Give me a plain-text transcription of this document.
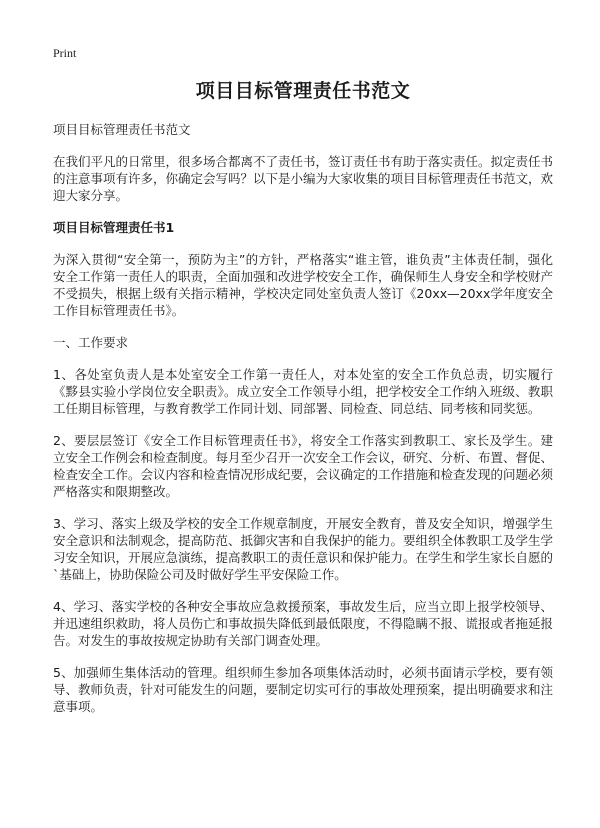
Print
项目目标管理责任书范文
项目目标管理责任书范文

在我们平凡的日常里，很多场合都离不了责任书，签订责任书有助于落实责任。拟定责任书的注意事项有许多，你确定会写吗？以下是小编为大家收集的项目目标管理责任书范文，欢迎大家分享。

项目目标管理责任书1

为深入贯彻“安全第一，预防为主”的方针，严格落实“谁主管，谁负责”主体责任制，强化安全工作第一责任人的职责，全面加强和改进学校安全工作，确保师生人身安全和学校财产不受损失，根据上级有关指示精神，学校决定同处室负责人签订《20xx—20xx学年度安全工作目标管理责任书》。

一、工作要求

1、各处室负责人是本处室安全工作第一责任人，对本处室的安全工作负总责，切实履行《黟县实验小学岗位安全职责》。成立安全工作领导小组，把学校安全工作纳入班级、教职工任期目标管理，与教育教学工作同计划、同部署、同检查、同总结、同考核和同奖惩。

2、要层层签订《安全工作目标管理责任书》，将安全工作落实到教职工、家长及学生。建立安全工作例会和检查制度。每月至少召开一次安全工作会议，研究、分析、布置、督促、检查安全工作。会议内容和检查情况形成纪要，会议确定的工作措施和检查发现的问题必须严格落实和限期整改。

3、学习、落实上级及学校的安全工作规章制度，开展安全教育，普及安全知识，增强学生安全意识和法制观念，提高防范、抵御灾害和自我保护的能力。要组织全体教职工及学生学习安全知识，开展应急演练，提高教职工的责任意识和保护能力。在学生和学生家长自愿的`基础上，协助保险公司及时做好学生平安保险工作。

4、学习、落实学校的各种安全事故应急救援预案，事故发生后，应当立即上报学校领导、并迅速组织救助，将人员伤亡和事故损失降低到最低限度，不得隐瞒不报、谎报或者拖延报告。对发生的事故按规定协助有关部门调查处理。

5、加强师生集体活动的管理。组织师生参加各项集体活动时，必须书面请示学校，要有领导、教师负责，针对可能发生的问题，要制定切实可行的事故处理预案，提出明确要求和注意事项。
